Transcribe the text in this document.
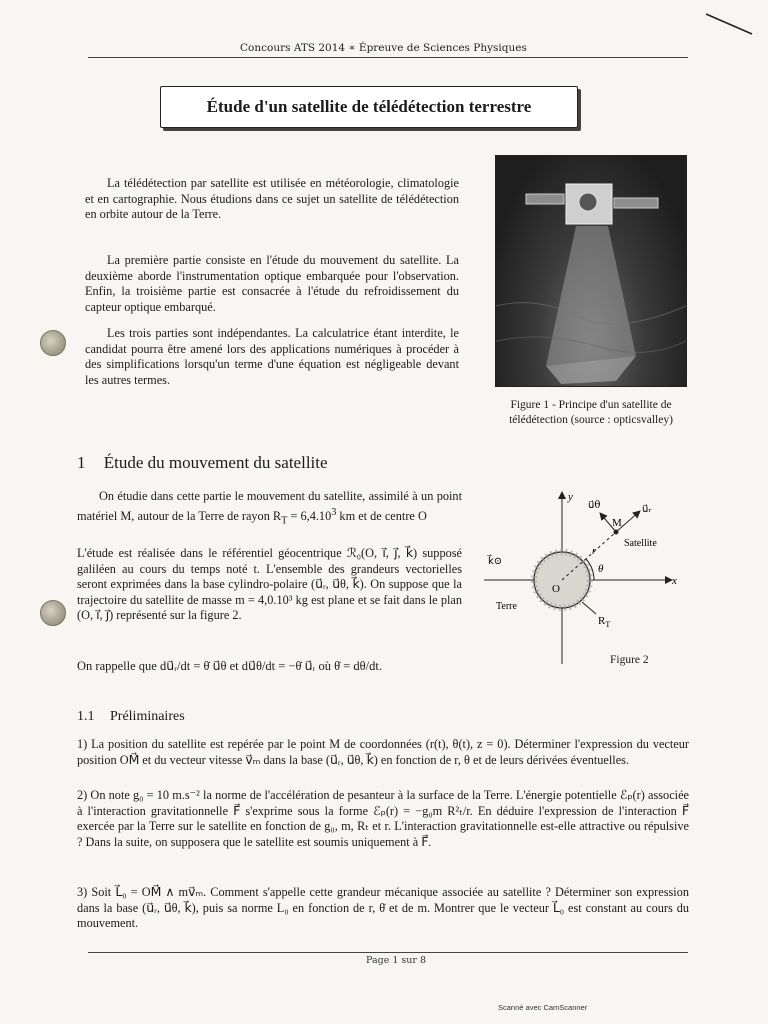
Concours ATS 2014 ∗ Épreuve de Sciences Physiques
Étude d'un satellite de télédétection terrestre
La télédétection par satellite est utilisée en météorologie, climatologie et en cartographie. Nous étudions dans ce sujet un satellite de télédétection en orbite autour de la Terre.
La première partie consiste en l'étude du mouvement du satellite. La deuxième aborde l'instrumentation optique embarquée pour l'observation. Enfin, la troisième partie est consacrée à l'étude du refroidissement du capteur optique embarqué.
Les trois parties sont indépendantes. La calculatrice étant interdite, le candidat pourra être amené lors des applications numériques à procéder à des simplifications lorsqu'un terme d'une équation est négligeable devant les autres termes.
Figure 1 - Principe d'un satellite de
télédétection (source : opticsvalley)
1 Étude du mouvement du satellite
On étudie dans cette partie le mouvement du satellite, assimilé à un point matériel M, autour de la Terre de rayon $R_T = 6,4.10^3$ km et de centre O
L'étude est réalisée dans le référentiel géocentrique ℛ₀(O, i⃗, j⃗, k⃗) supposé galiléen au cours du temps noté t. L'ensemble des grandeurs vectorielles seront exprimées dans la base cylindro-polaire (u⃗ᵣ, u⃗θ, k⃗). On suppose que la trajectoire du satellite de masse m = 4,0.10³ kg est plane et se fait dans le plan (O, i⃗, j⃗) représenté sur la figure 2.
On rappelle que du⃗ᵣ/dt = θ̇ u⃗θ et du⃗θ/dt = −θ̇ u⃗ᵣ où θ̇ = dθ/dt.
y
x
O
M
Satellite
Terre
$R_T$
θ
u⃗ᵣ
u⃗θ
k⃗⊙
r
Figure 2
1.1 Préliminaires
1) La position du satellite est repérée par le point M de coordonnées (r(t), θ(t), z = 0). Déterminer l'expression du vecteur position OM⃗ et du vecteur vitesse v⃗ₘ dans la base (u⃗ᵣ, u⃗θ, k⃗) en fonction de r, θ et de leurs dérivées éventuelles.
2) On note g₀ = 10 m.s⁻² la norme de l'accélération de pesanteur à la surface de la Terre. L'énergie potentielle ℰₚ(r) associée à l'interaction gravitationnelle F⃗ s'exprime sous la forme ℰₚ(r) = −g₀m R²ₜ/r. En déduire l'expression de l'interaction F⃗ exercée par la Terre sur le satellite en fonction de g₀, m, Rₜ et r. L'interaction gravitationnelle est-elle attractive ou répulsive ? Dans la suite, on supposera que le satellite est soumis uniquement à F⃗.
3) Soit L⃗₀ = OM⃗ ∧ mv⃗ₘ. Comment s'appelle cette grandeur mécanique associée au satellite ? Déterminer son expression dans la base (u⃗ᵣ, u⃗θ, k⃗), puis sa norme L₀ en fonction de r, θ̇ et de m. Montrer que le vecteur L⃗₀ est constant au cours du mouvement.
Page 1 sur 8
Scanné avec CamScanner
